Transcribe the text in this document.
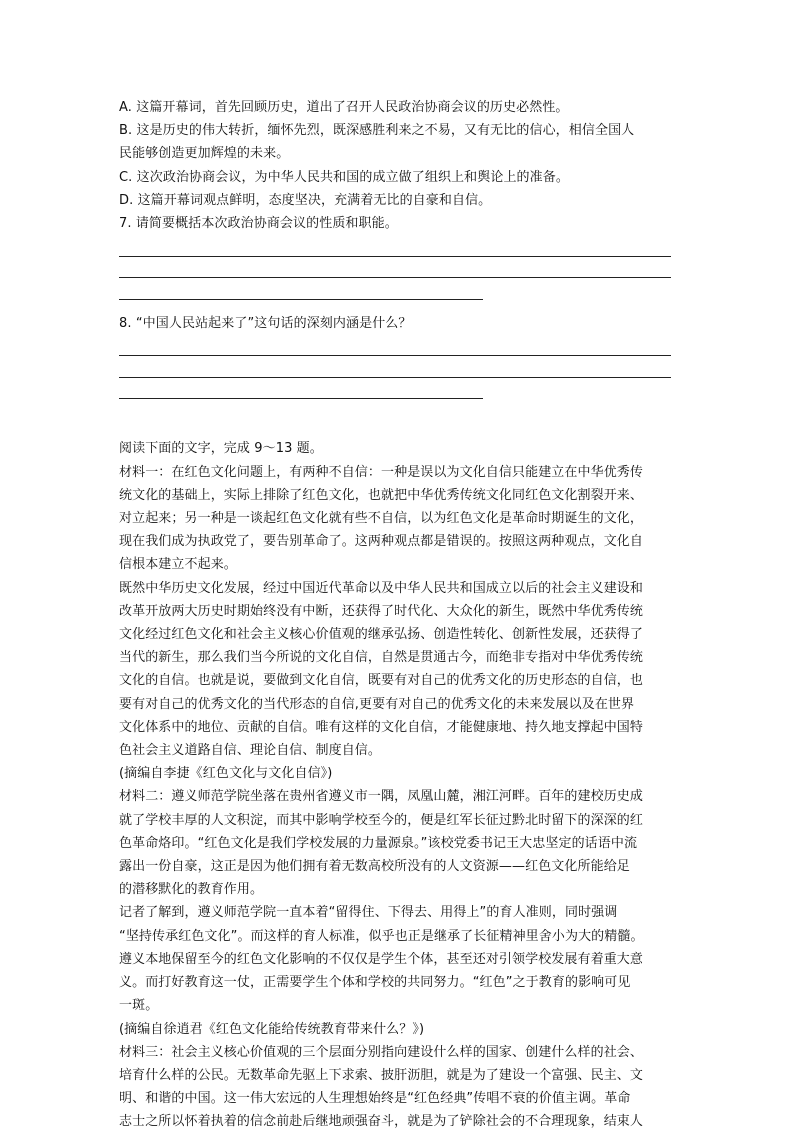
A. 这篇开幕词，首先回顾历史，道出了召开人民政治协商会议的历史必然性。
B. 这是历史的伟大转折，缅怀先烈，既深感胜利来之不易，又有无比的信心，相信全国人
民能够创造更加辉煌的未来。
C. 这次政治协商会议，为中华人民共和国的成立做了组织上和舆论上的准备。
D. 这篇开幕词观点鲜明，态度坚决，充满着无比的自豪和自信。
7. 请简要概括本次政治协商会议的性质和职能。
8. “中国人民站起来了”这句话的深刻内涵是什么？
阅读下面的文字，完成 9～13 题。
材料一：在红色文化问题上，有两种不自信：一种是误以为文化自信只能建立在中华优秀传
统文化的基础上，实际上排除了红色文化，也就把中华优秀传统文化同红色文化割裂开来、
对立起来；另一种是一谈起红色文化就有些不自信，以为红色文化是革命时期诞生的文化，
现在我们成为执政党了，要告别革命了。这两种观点都是错误的。按照这两种观点，文化自
信根本建立不起来。
既然中华历史文化发展，经过中国近代革命以及中华人民共和国成立以后的社会主义建设和
改革开放两大历史时期始终没有中断，还获得了时代化、大众化的新生，既然中华优秀传统
文化经过红色文化和社会主义核心价值观的继承弘扬、创造性转化、创新性发展，还获得了
当代的新生，那么我们当今所说的文化自信，自然是贯通古今，而绝非专指对中华优秀传统
文化的自信。也就是说，要做到文化自信，既要有对自己的优秀文化的历史形态的自信，也
要有对自己的优秀文化的当代形态的自信,更要有对自己的优秀文化的未来发展以及在世界
文化体系中的地位、贡献的自信。唯有这样的文化自信，才能健康地、持久地支撑起中国特
色社会主义道路自信、理论自信、制度自信。
(摘编自李捷《红色文化与文化自信》)
材料二：遵义师范学院坐落在贵州省遵义市一隅，凤凰山麓，湘江河畔。百年的建校历史成
就了学校丰厚的人文积淀，而其中影响学校至今的，便是红军长征过黔北时留下的深深的红
色革命烙印。“红色文化是我们学校发展的力量源泉。”该校党委书记王大忠坚定的话语中流
露出一份自豪，这正是因为他们拥有着无数高校所没有的人文资源——红色文化所能给足
的潜移默化的教育作用。
记者了解到，遵义师范学院一直本着“留得住、下得去、用得上”的育人准则，同时强调
“坚持传承红色文化”。而这样的育人标准，似乎也正是继承了长征精神里舍小为大的精髓。
遵义本地保留至今的红色文化影响的不仅仅是学生个体，甚至还对引领学校发展有着重大意
义。而打好教育这一仗，正需要学生个体和学校的共同努力。“红色”之于教育的影响可见
一斑。
(摘编自徐逍君《红色文化能给传统教育带来什么？》)
材料三：社会主义核心价值观的三个层面分别指向建设什么样的国家、创建什么样的社会、
培育什么样的公民。无数革命先驱上下求索、披肝沥胆，就是为了建设一个富强、民主、文
明、和谐的中国。这一伟大宏远的人生理想始终是“红色经典”传唱不衰的价值主调。革命
志士之所以怀着执着的信念前赴后继地顽强奋斗，就是为了铲除社会的不合理现象，结束人
